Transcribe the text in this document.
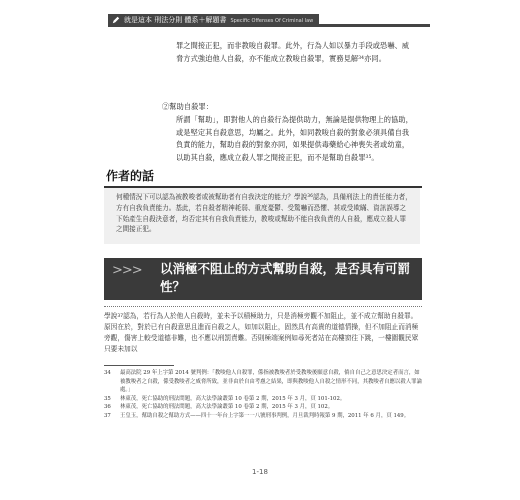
就是這本 刑法分則 體系＋解題書 Specific Offenses Of Criminal law
罪之間接正犯，而非教唆自殺罪。此外，行為人如以暴力手段或恐嚇、威脅方式強迫他人自殺，亦不能成立教唆自殺罪，實務見解$^{34}$亦同。
②幫助自殺罪：
所謂「幫助」，即對他人的自殺行為提供助力，無論是提供物理上的協助，或是堅定其自殺意思，均屬之。此外，如同教唆自殺的對象必須具備自我負責的能力，幫助自殺的對象亦同，如果提供毒藥給心神喪失者或幼童，以助其自殺，應成立殺人罪之間接正犯，而不是幫助自殺罪$^{35}$。
作者的話
何種情況下可以認為被教唆者或被幫助者有自我決定的能力？學說$^{36}$認為，具備刑法上的責任能力者，方有自我負責能力。基此，若自殺者精神耗弱、重度憂鬱、受驚嚇而恐懼、甚或受欺瞞、資訊誤導之下始產生自殺決意者，均否定其有自我負責能力，教唆或幫助不能自我負責的人自殺，應成立殺人罪之間接正犯。
>>> 以消極不阻止的方式幫助自殺，是否具有可罰性？
學說$^{37}$認為，若行為人於他人自殺時，並未予以積極助力，只是消極旁觀不加阻止，並不成立幫助自殺罪。原因在於，對於已有自殺意思且進而自殺之人，如加以阻止，固然具有高貴的道德情操，但不加阻止而消極旁觀，傷害上較受道德非難，也不應以刑罰責難。否則極端案例如尋死者站在高樓窗往下跳，一樓圍觀民眾只要未加以
34	最高法院 29 年上字第 2014 號判例：「教唆他人自殺罪，係指被教唆者於受教唆後願意自殺，倘自自己之意思決定者而言，如被教唆者之自殺，係受教唆者之威脅所致，並非由於自由考慮之結果，即與教唆他人自殺之情形不同，其教唆者自應以殺人罪論處。」
35	林東茂，死亡協助的刑法問題，高大法學論叢第 10 卷第 2 期，2015 年 3 月，頁 101-102。
36	林東茂，死亡協助的刑法問題，高大法學論叢第 10 卷第 2 期，2015 年 3 月，頁 102。
37	王皇玉，幫助自殺之幫助方式——四十一年台上字第一一八號刑事判例，月旦裁判時報第 9 期，2011 年 6 月，頁 149。
1-18
